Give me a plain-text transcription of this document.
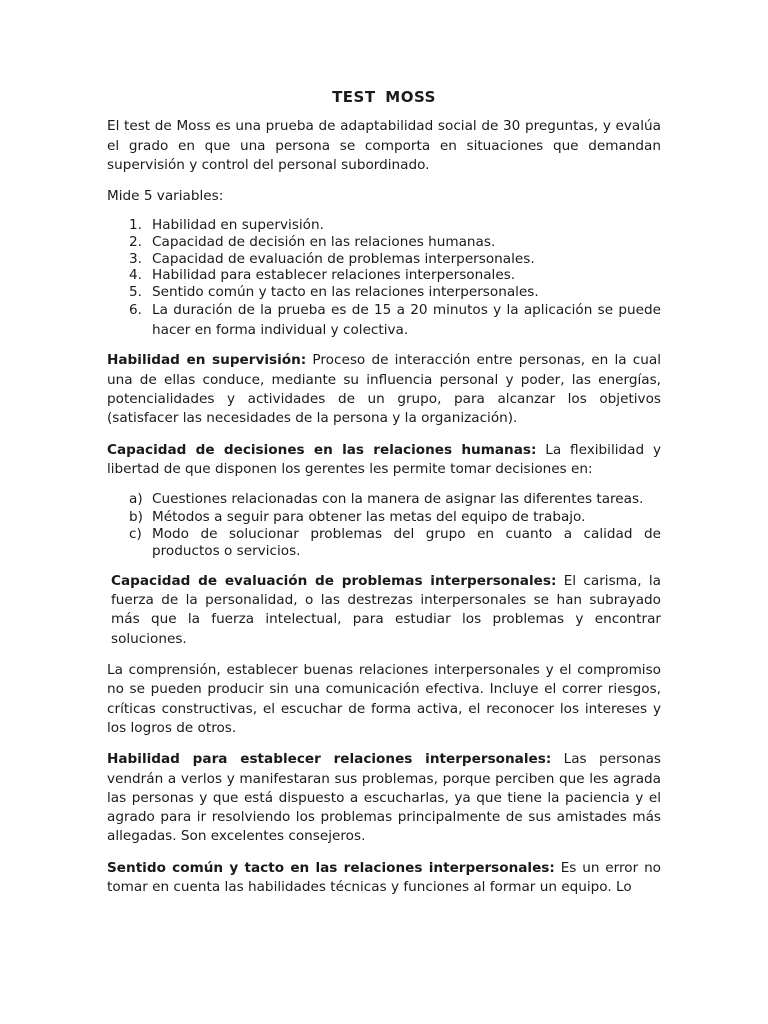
TEST MOSS

El test de Moss es una prueba de adaptabilidad social de 30 preguntas, y evalúa el grado en que una persona se comporta en situaciones que demandan supervisión y control del personal subordinado.

Mide 5 variables:

1. Habilidad en supervisión.
2. Capacidad de decisión en las relaciones humanas.
3. Capacidad de evaluación de problemas interpersonales.
4. Habilidad para establecer relaciones interpersonales.
5. Sentido común y tacto en las relaciones interpersonales.
6. La duración de la prueba es de 15 a 20 minutos y la aplicación se puede hacer en forma individual y colectiva.

Habilidad en supervisión: Proceso de interacción entre personas, en la cual una de ellas conduce, mediante su influencia personal y poder, las energías, potencialidades y actividades de un grupo, para alcanzar los objetivos (satisfacer las necesidades de la persona y la organización).

Capacidad de decisiones en las relaciones humanas: La flexibilidad y libertad de que disponen los gerentes les permite tomar decisiones en:

a) Cuestiones relacionadas con la manera de asignar las diferentes tareas.
b) Métodos a seguir para obtener las metas del equipo de trabajo.
c) Modo de solucionar problemas del grupo en cuanto a calidad de productos o servicios.

Capacidad de evaluación de problemas interpersonales: El carisma, la fuerza de la personalidad, o las destrezas interpersonales se han subrayado más que la fuerza intelectual, para estudiar los problemas y encontrar soluciones.

La comprensión, establecer buenas relaciones interpersonales y el compromiso no se pueden producir sin una comunicación efectiva. Incluye el correr riesgos, críticas constructivas, el escuchar de forma activa, el reconocer los intereses y los logros de otros.

Habilidad para establecer relaciones interpersonales: Las personas vendrán a verlos y manifestaran sus problemas, porque perciben que les agrada las personas y que está dispuesto a escucharlas, ya que tiene la paciencia y el agrado para ir resolviendo los problemas principalmente de sus amistades más allegadas. Son excelentes consejeros.

Sentido común y tacto en las relaciones interpersonales: Es un error no tomar en cuenta las habilidades técnicas y funciones al formar un equipo. Lo
